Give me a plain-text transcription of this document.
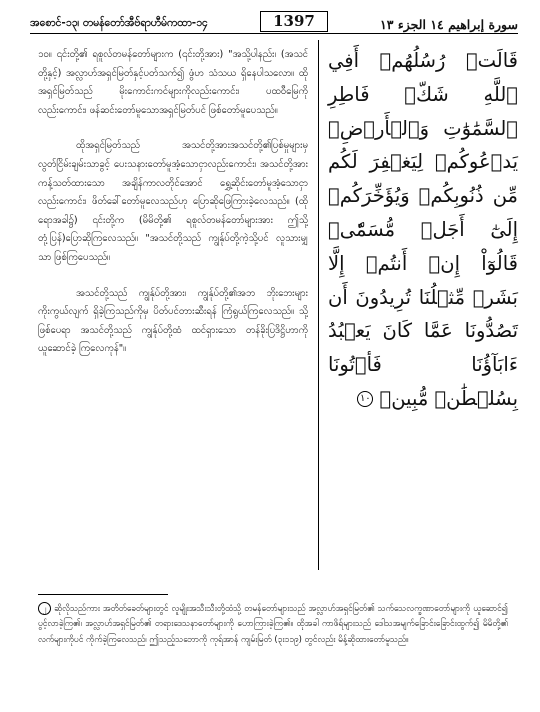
အစောင်-၁၃၊ တမန်တော်အီဗ်ရာဟီမ်ကထာ-၁၄	1397	سورة إبراهيم ١٤ الجزء ١٣

၁၀။ ၎င်းတို့၏ ရစူလ်တမန်တော်များက (၎င်းတို့အား) "အသို့ပါနည်း၊ (အသင်တို့နှင့်) အလ္လာဟ်အရှင်မြတ်နှင့်ပတ်သက်၍ ဖွံဟ သံသယ ရှိနေပါသလော။ ထိုအရှင်မြတ်သည် မိုးကောင်းကင်များကိုလည်းကောင်း၊ ပထဝီမြေကိုလည်းကောင်း၊ ဖန်ဆင်းတော်မူသောအရှင်မြတ်ပင် ဖြစ်တော်မူပေသည်။

ထိုအရှင်မြတ်သည် အသင်တို့အားအသင်တို့၏ပြစ်မှုများမှ လွတ်ငြိမ်းချမ်းသာခွင့် ပေးသနားတော်မူအံ့သောငှာလည်းကောင်း၊ အသင်တို့အားကန့်သတ်ထားသော အချိန်ကာလတိုင်အောင် ရွှေ့ဆိုင်းတော်မူအံ့သောငှာလည်းကောင်း၊ ဖိတ်ခေါ်တော်မူလေသည်ဟု ပြောဆိုဖြေကြားခဲ့လေသည်။ (ထိုရောအခါ၌) ၎င်းတို့က (မိမိတို့၏ ရစူလ်တမန်တော်များအား ဤသို့ တုံ့ပြန်)ပြောဆိုကြလေသည်။ "အသင်တို့သည် ကျွန်ုပ်တို့ကဲ့သို့ပင် လူသားမျှသာ ဖြစ်ကြပေသည်။

အသင်တို့သည် ကျွန်ုပ်တို့အား၊ ကျွန်ုပ်တို့၏အဘ ဘိုးဘေးများ ကိုးကွယ်လျက် ရှိခဲ့ကြသည်ကိုမှ ပိတ်ပင်တားဆီးရန် ကြံရွယ်ကြလေသည်။ သို့ဖြစ်ပေရာ အသင်တို့သည် ကျွန်ုပ်တို့ထံ ထင်ရှားသော တန်ခိုးပြဒိဋ္ဌိဟာကို ယူဆောင်ခဲ့ ကြလေကုန်"။

قَالَتۡ رُسُلُهُمۡ أَفِي ٱللَّهِ شَكّٞ فَاطِرِ ٱلسَّمَٰوَٰتِ وَٱلۡأَرۡضِۖ يَدۡعُوكُمۡ لِيَغۡفِرَ لَكُم مِّن ذُنُوبِكُمۡ وَيُؤَخِّرَكُمۡ إِلَىٰٓ أَجَلٖ مُّسَمّٗىۚ قَالُوٓاْ إِنۡ أَنتُمۡ إِلَّا بَشَرٞ مِّثۡلُنَا تُرِيدُونَ أَن تَصُدُّونَا عَمَّا كَانَ يَعۡبُدُ ءَابَآؤُنَا فَأۡتُونَا بِسُلۡطَٰنٖ مُّبِينٖ ١٠
၂ ဆိုလိုသည်ကား အတိတ်ခေတ်များတွင် လူမျိုးအသီးသီးတို့ထံသို့ တမန်တော်များသည် အလ္လာဟ်အရှင်မြတ်၏ သက်သေလက္ခဏာတော်များကို ယူဆောင်၍ ပွင့်လာခဲ့ကြ၏၊ အလ္လာဟ်အရှင်မြတ်၏ တရားဒေသနာတော်များကို ဟောကြားခဲ့ကြ၏။ ထိုအခါ ကာဖိရ်များသည် ဒေါသအမျက်ခြောင်းခြောင်းထွက်၍ မိမိတို့၏ လက်များကိုပင် ကိုက်ခဲ့ကြလေသည်၊ ဤသည့်သဘောကို ကုရ်အာန် ကျမ်းမြတ် (၃း၁၁၉) တွင်လည်း မိန့်ဆိုထားတော်မူသည်။
